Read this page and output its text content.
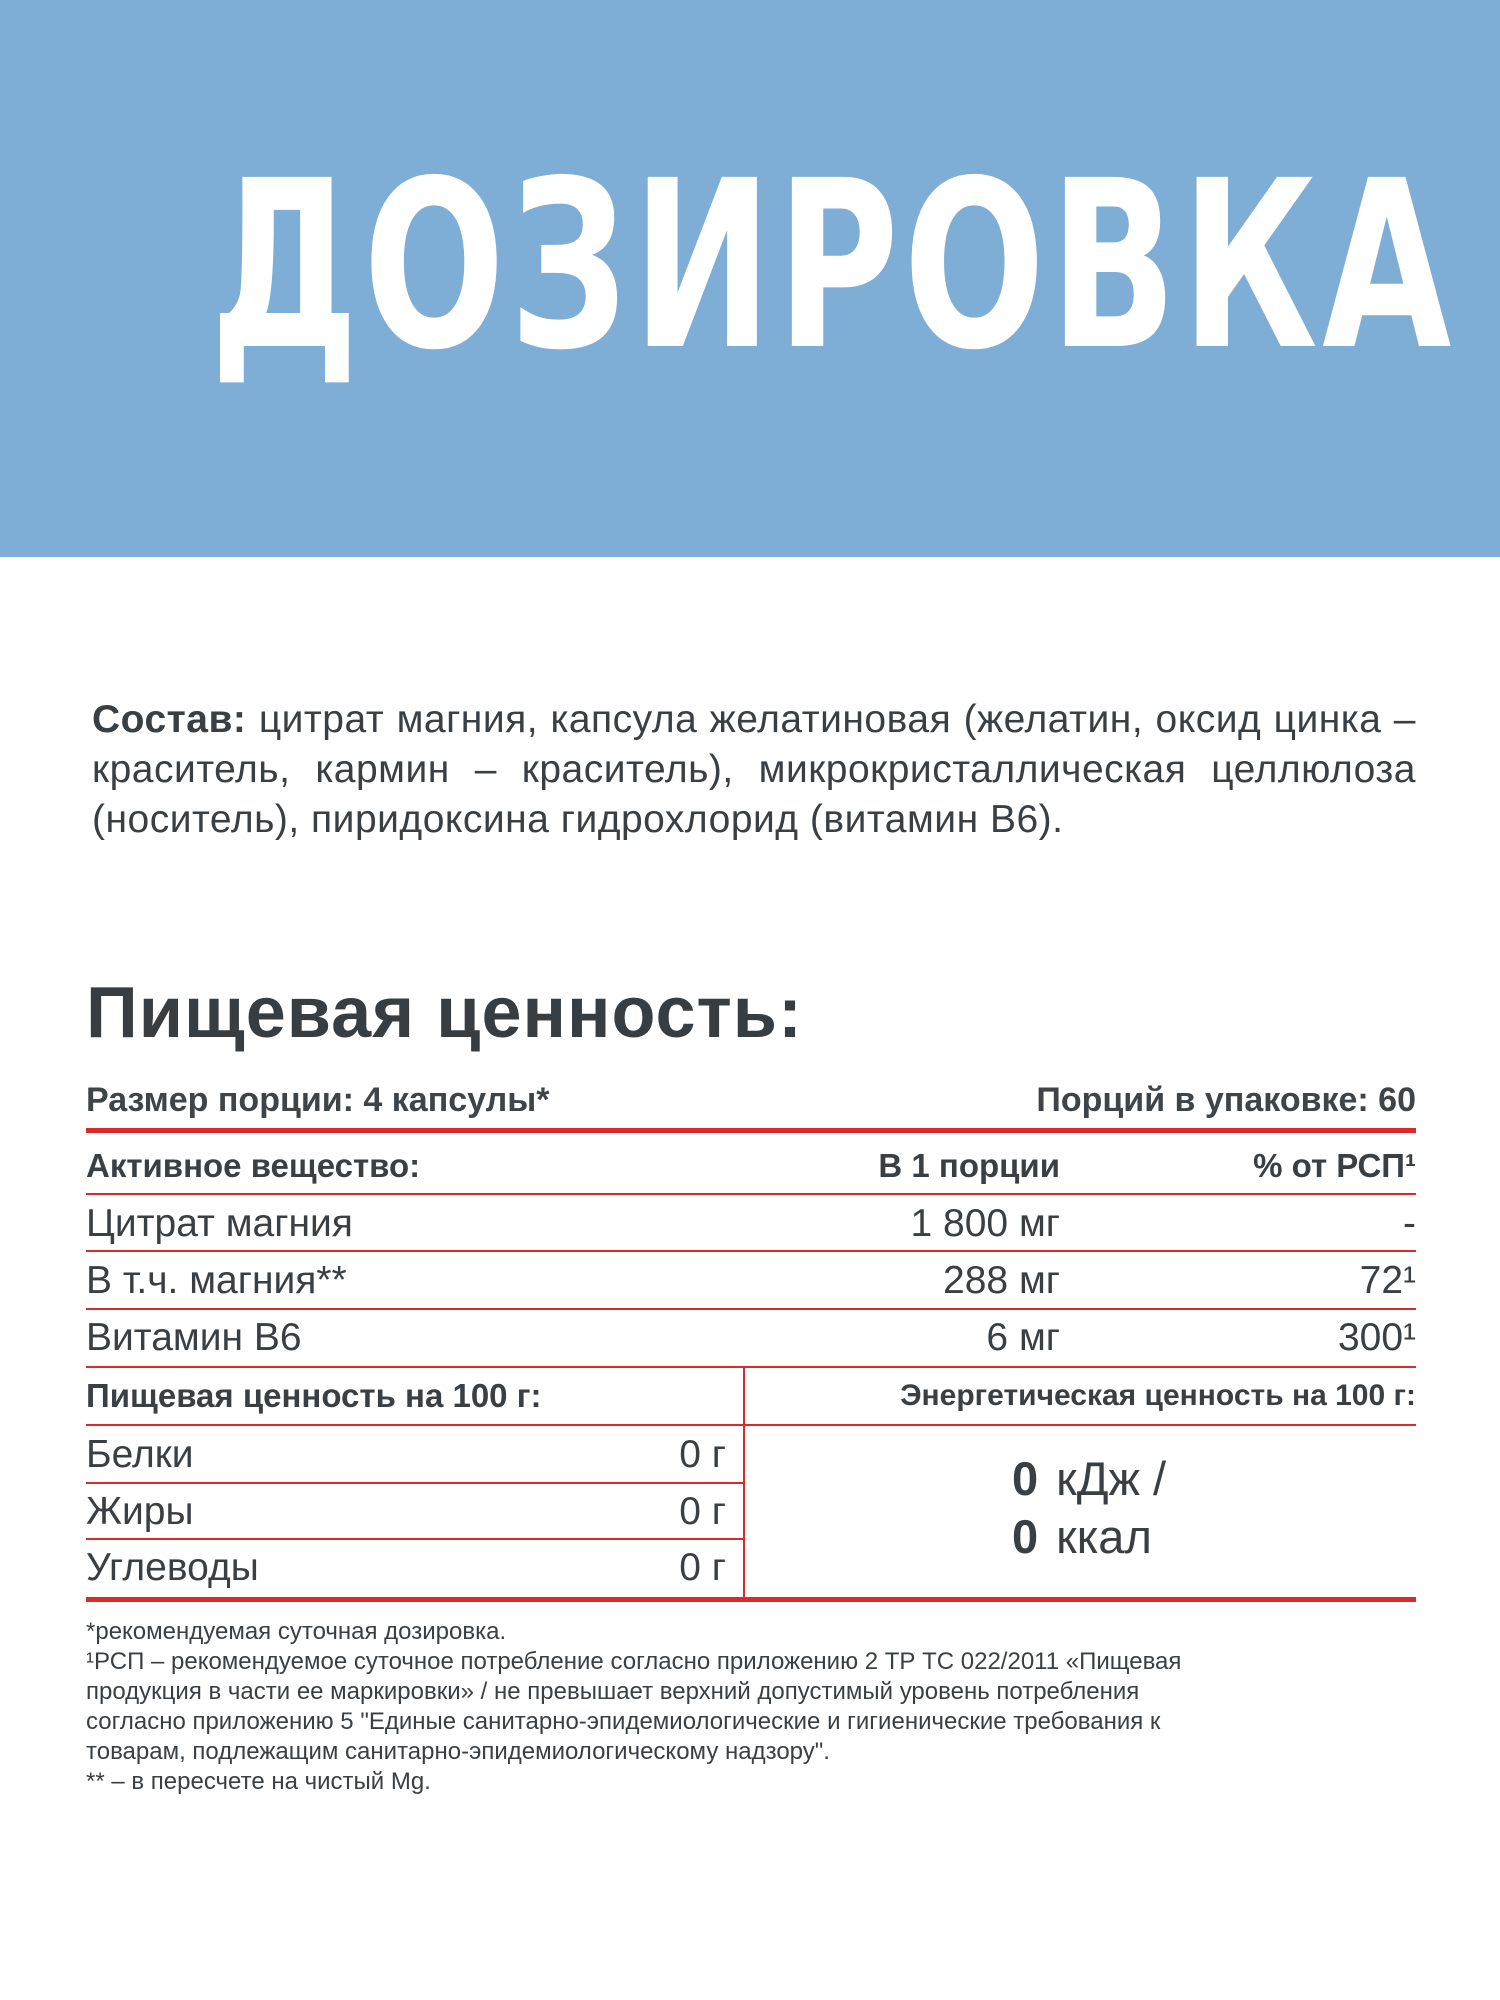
ДОЗИРОВКА
Состав: цитрат магния, капсула желатиновая (желатин, оксид цинка – краситель, кармин – краситель), микрокристаллическая целлюлоза (носитель), пиридоксина гидрохлорид (витамин В6).
Пищевая ценность:
Размер порции: 4 капсулы*	Порций в упаковке: 60
Активное вещество:	В 1 порции	% от РСП¹
Цитрат магния	1 800 мг	-
В т.ч. магния**	288 мг	72¹
Витамин В6	6 мг	300¹
Пищевая ценность на 100 г:	Энергетическая ценность на 100 г:
Белки	0 г
Жиры	0 г
Углеводы	0 г
0 кДж /
0 ккал
*рекомендуемая суточная дозировка.
¹РСП – рекомендуемое суточное потребление согласно приложению 2 ТР ТС 022/2011 «Пищевая
продукция в части ее маркировки» / не превышает верхний допустимый уровень потребления
согласно приложению 5 "Единые санитарно-эпидемиологические и гигиенические требования к
товарам, подлежащим санитарно-эпидемиологическому надзору".
** – в пересчете на чистый Mg.
